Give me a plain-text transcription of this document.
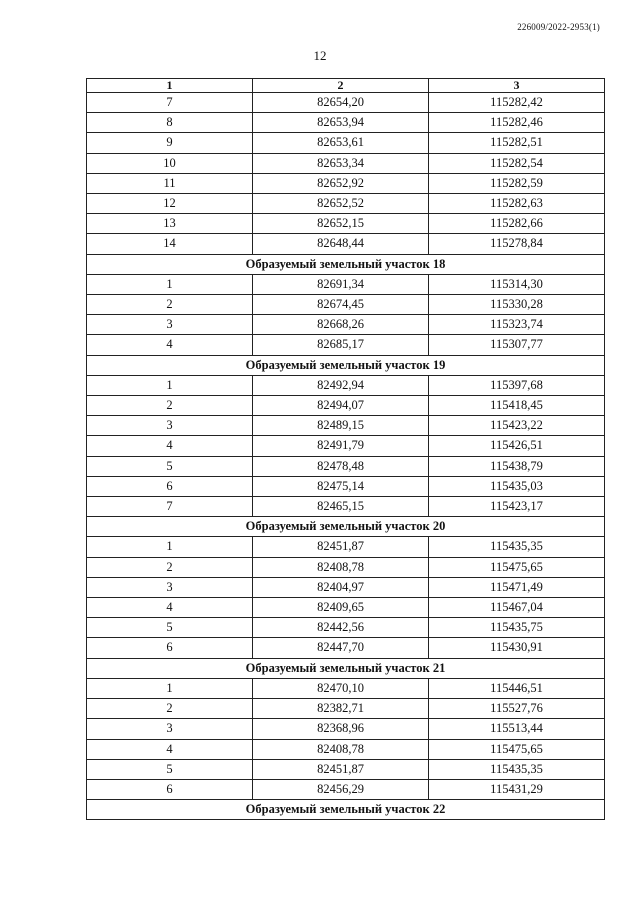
226009/2022-2953(1)
12
1	2	3
7	82654,20	115282,42
8	82653,94	115282,46
9	82653,61	115282,51
10	82653,34	115282,54
11	82652,92	115282,59
12	82652,52	115282,63
13	82652,15	115282,66
14	82648,44	115278,84
Образуемый земельный участок 18		
1	82691,34	115314,30
2	82674,45	115330,28
3	82668,26	115323,74
4	82685,17	115307,77
Образуемый земельный участок 19		
1	82492,94	115397,68
2	82494,07	115418,45
3	82489,15	115423,22
4	82491,79	115426,51
5	82478,48	115438,79
6	82475,14	115435,03
7	82465,15	115423,17
Образуемый земельный участок 20		
1	82451,87	115435,35
2	82408,78	115475,65
3	82404,97	115471,49
4	82409,65	115467,04
5	82442,56	115435,75
6	82447,70	115430,91
Образуемый земельный участок 21		
1	82470,10	115446,51
2	82382,71	115527,76
3	82368,96	115513,44
4	82408,78	115475,65
5	82451,87	115435,35
6	82456,29	115431,29
Образуемый земельный участок 22		
